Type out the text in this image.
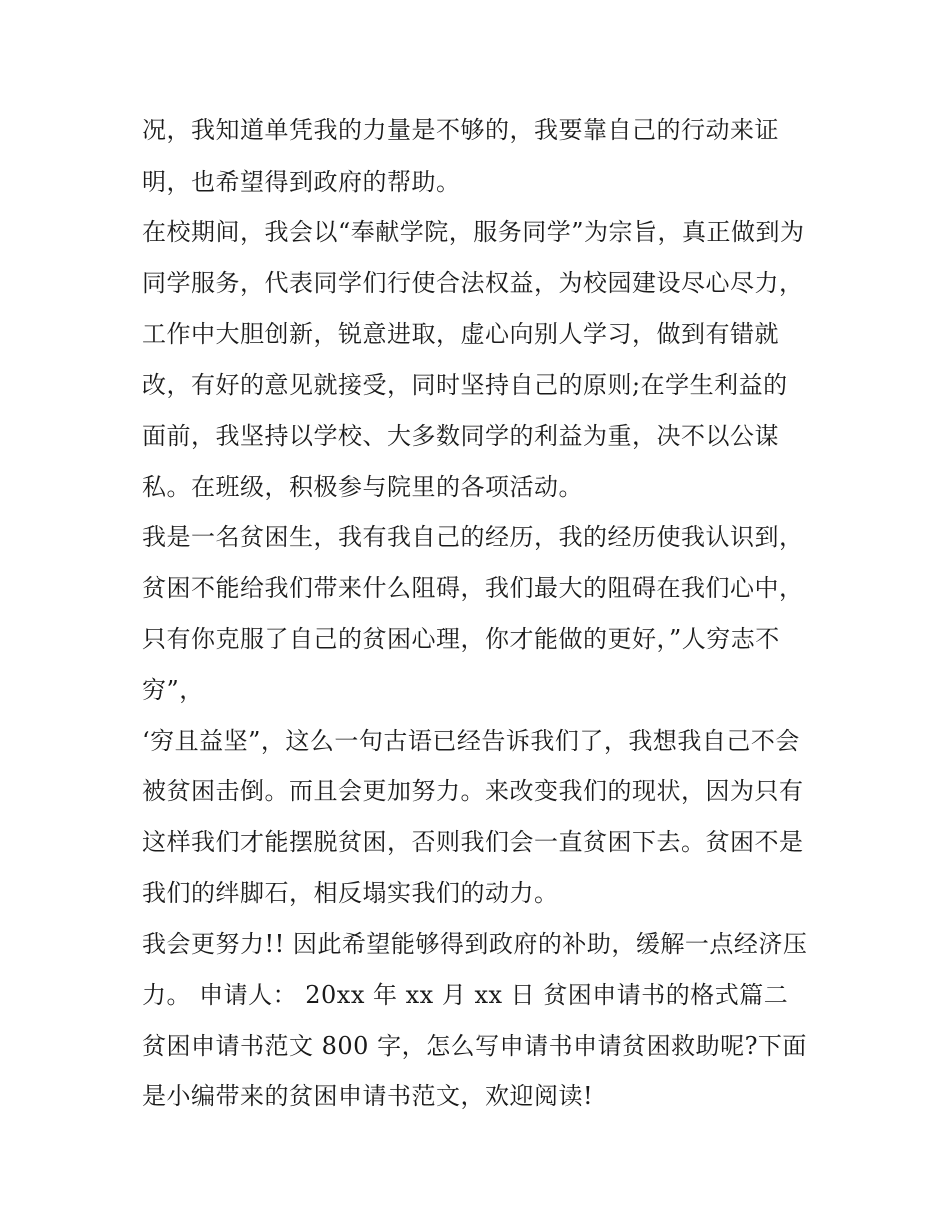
况，我知道单凭我的力量是不够的，我要靠自己的行动来证
明，也希望得到政府的帮助。
在校期间，我会以“奉献学院，服务同学”为宗旨，真正做到为
同学服务，代表同学们行使合法权益，为校园建设尽心尽力，
工作中大胆创新，锐意进取，虚心向别人学习，做到有错就
改，有好的意见就接受，同时坚持自己的原则;在学生利益的
面前，我坚持以学校、大多数同学的利益为重，决不以公谋
私。在班级，积极参与院里的各项活动。
我是一名贫困生，我有我自己的经历，我的经历使我认识到，
贫困不能给我们带来什么阻碍，我们最大的阻碍在我们心中，
只有你克服了自己的贫困心理，你才能做的更好，”人穷志不
穷”，
‘穷且益坚”，这么一句古语已经告诉我们了，我想我自己不会
被贫困击倒。而且会更加努力。来改变我们的现状，因为只有
这样我们才能摆脱贫困，否则我们会一直贫困下去。贫困不是
我们的绊脚石，相反塌实我们的动力。
我会更努力!! 因此希望能够得到政府的补助，缓解一点经济压
力。 申请人： 20xx 年 xx 月 xx 日 贫困申请书的格式篇二
贫困申请书范文 800 字，怎么写申请书申请贫困救助呢?下面
是小编带来的贫困申请书范文，欢迎阅读!
